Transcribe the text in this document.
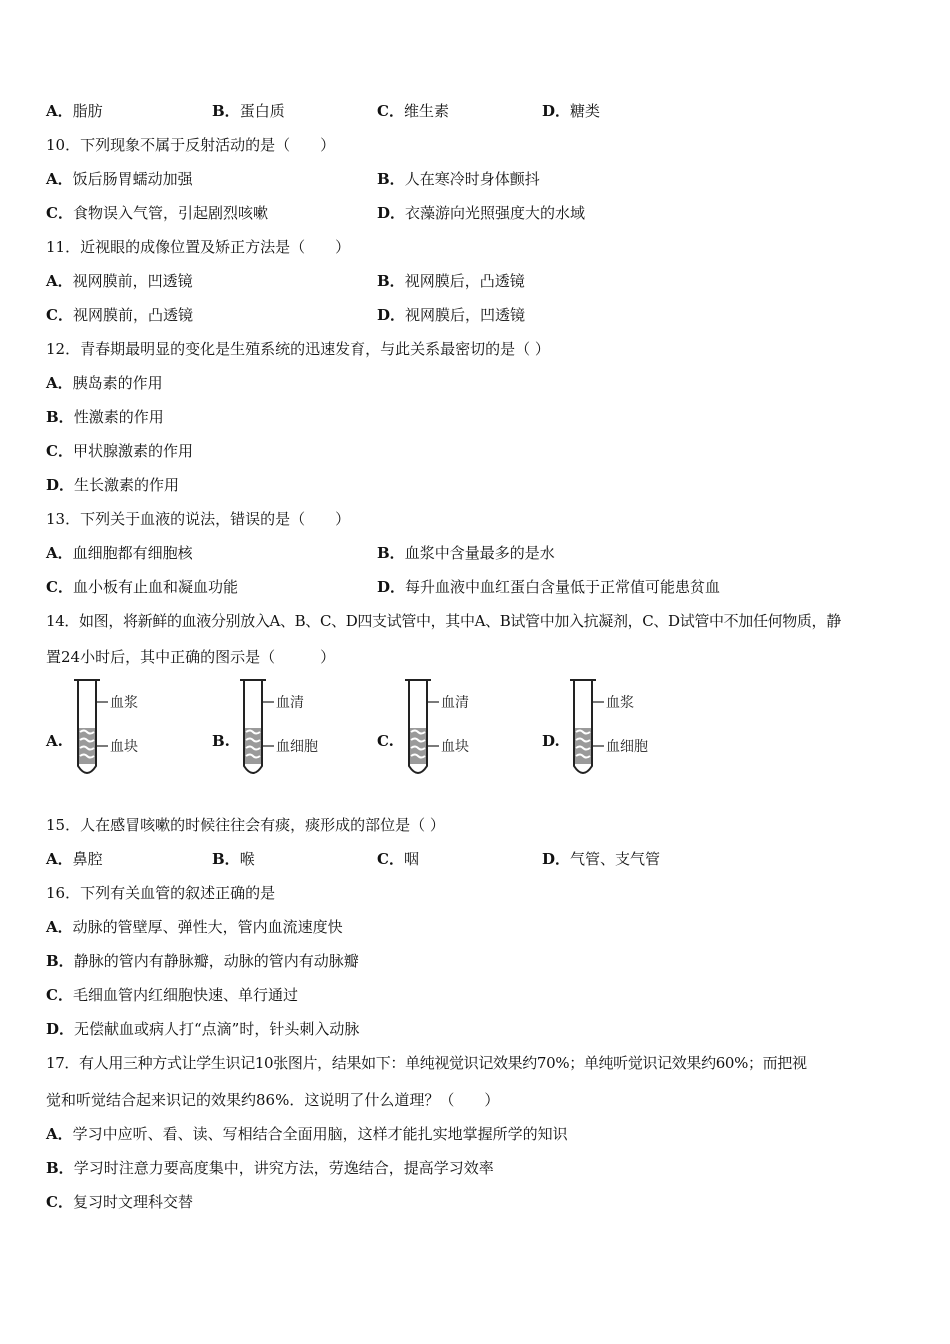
A．脂肪	B．蛋白质	C．维生素	D．糖类
10．下列现象不属于反射活动的是（　　）
A．饭后肠胃蠕动加强	B．人在寒冷时身体颤抖
C．食物误入气管，引起剧烈咳嗽	D．衣藻游向光照强度大的水域
11．近视眼的成像位置及矫正方法是（　　）
A．视网膜前，凹透镜	B．视网膜后，凸透镜
C．视网膜前，凸透镜	D．视网膜后，凹透镜
12．青春期最明显的变化是生殖系统的迅速发育，与此关系最密切的是（ ）
A．胰岛素的作用
B．性激素的作用
C．甲状腺激素的作用
D．生长激素的作用
13．下列关于血液的说法，错误的是（　　）
A．血细胞都有细胞核	B．血浆中含量最多的是水
C．血小板有止血和凝血功能	D．每升血液中血红蛋白含量低于正常值可能患贫血
14．如图，将新鲜的血液分别放入A、B、C、D四支试管中，其中A、B试管中加入抗凝剂，C、D试管中不加任何物质，静
置24小时后，其中正确的图示是（　　　）
A.
血浆
血块	B.
血清
血细胞	C.
血清
血块	D.
血浆
血细胞
15．人在感冒咳嗽的时候往往会有痰，痰形成的部位是（ ）
A．鼻腔	B．喉	C．咽	D．气管、支气管
16．下列有关血管的叙述正确的是
A．动脉的管壁厚、弹性大，管内血流速度快
B．静脉的管内有静脉瓣，动脉的管内有动脉瓣
C．毛细血管内红细胞快速、单行通过
D．无偿献血或病人打“点滴”时，针头刺入动脉
17．有人用三种方式让学生识记10张图片，结果如下：单纯视觉识记效果约70%；单纯听觉识记效果约60%；而把视
觉和听觉结合起来识记的效果约86%．这说明了什么道理？（　　）
A．学习中应听、看、读、写相结合全面用脑，这样才能扎实地掌握所学的知识
B．学习时注意力要高度集中，讲究方法，劳逸结合，提高学习效率
C．复习时文理科交替
